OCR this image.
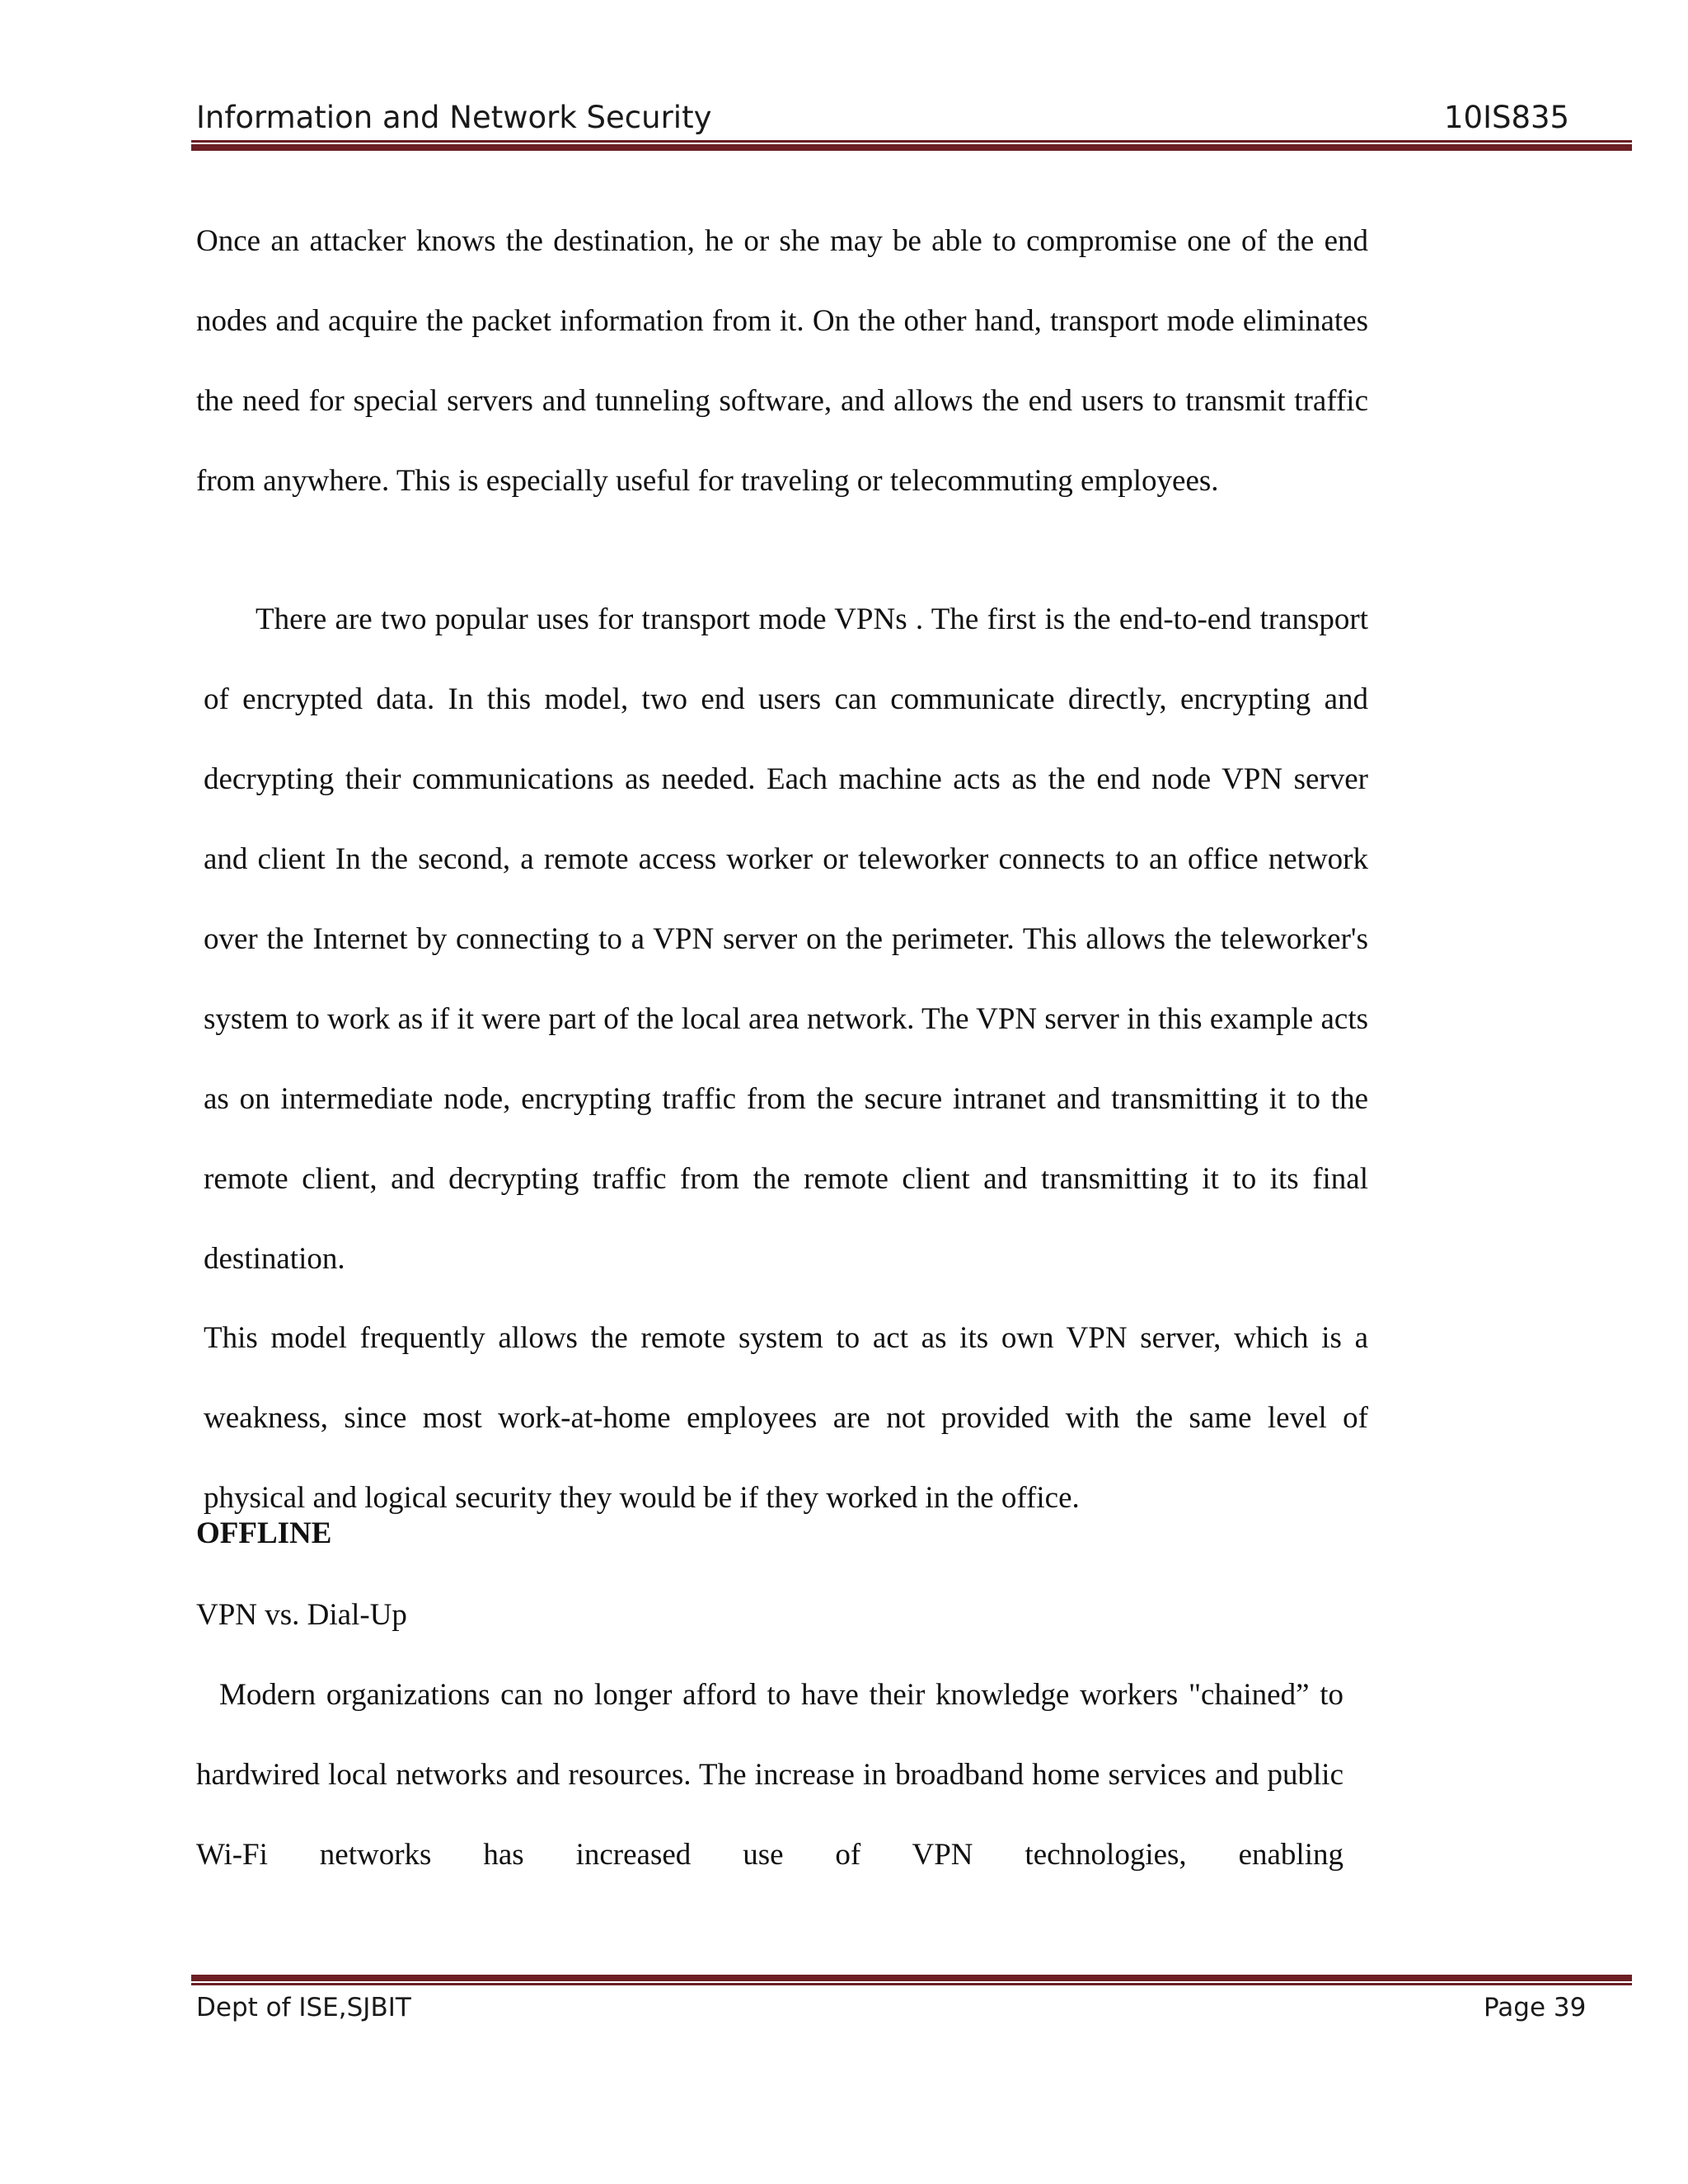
Information and Network Security	10IS835

Once an attacker knows the destination, he or she may be able to compromise one of the end nodes and acquire the packet information from it. On the other hand, transport mode eliminates the need for special servers and tunneling software, and allows the end users to transmit traffic from anywhere. This is especially useful for traveling or telecommuting employees.

There are two popular uses for transport mode VPNs . The first is the end-to-end transport of encrypted data. In this model, two end users can communicate directly, encrypting and decrypting their communications as needed. Each machine acts as the end node VPN server and client In the second, a remote access worker or teleworker connects to an office network over the Internet by connecting to a VPN server on the perimeter. This allows the teleworker's system to work as if it were part of the local area network. The VPN server in this example acts as on intermediate node, encrypting traffic from the secure intranet and transmitting it to the remote client, and decrypting traffic from the remote client and transmitting it to its final destination.

This model frequently allows the remote system to act as its own VPN server, which is a weakness, since most work-at-home employees are not provided with the same level of physical and logical security they would be if they worked in the office.

OFFLINE
VPN vs. Dial-Up

Modern organizations can no longer afford to have their knowledge workers "chained” to hardwired local networks and resources. The increase in broadband home services and public Wi-Fi networks has increased use of VPN technologies, enabling

Dept of ISE,SJBIT	Page 39
